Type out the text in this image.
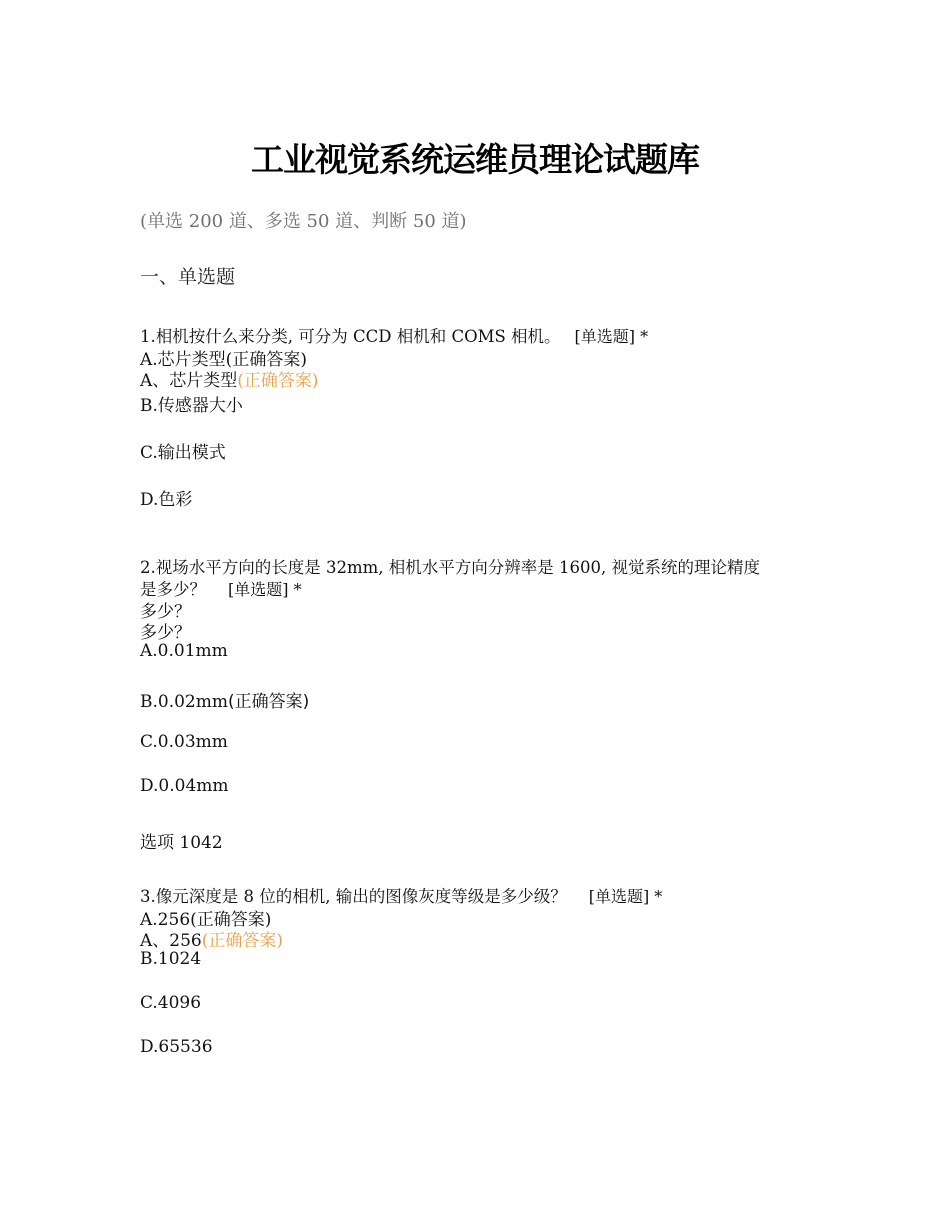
工业视觉系统运维员理论试题库
(单选 200 道、多选 50 道、判断 50 道)
一、单选题
1.相机按什么来分类, 可分为 CCD 相机和 COMS 相机。 [单选题] *
A.芯片类型(正确答案)
A、芯片类型(正确答案)
B.传感器大小
C.输出模式
D.色彩
2.视场水平方向的长度是 32mm, 相机水平方向分辨率是 1600, 视觉系统的理论精度
是多少？ [单选题] *
多少？
多少？
A.0.01mm
B.0.02mm(正确答案)
C.0.03mm
D.0.04mm
选项 1042
3.像元深度是 8 位的相机, 输出的图像灰度等级是多少级？ [单选题] *
A.256(正确答案)
A、256(正确答案)
B.1024
C.4096
D.65536
